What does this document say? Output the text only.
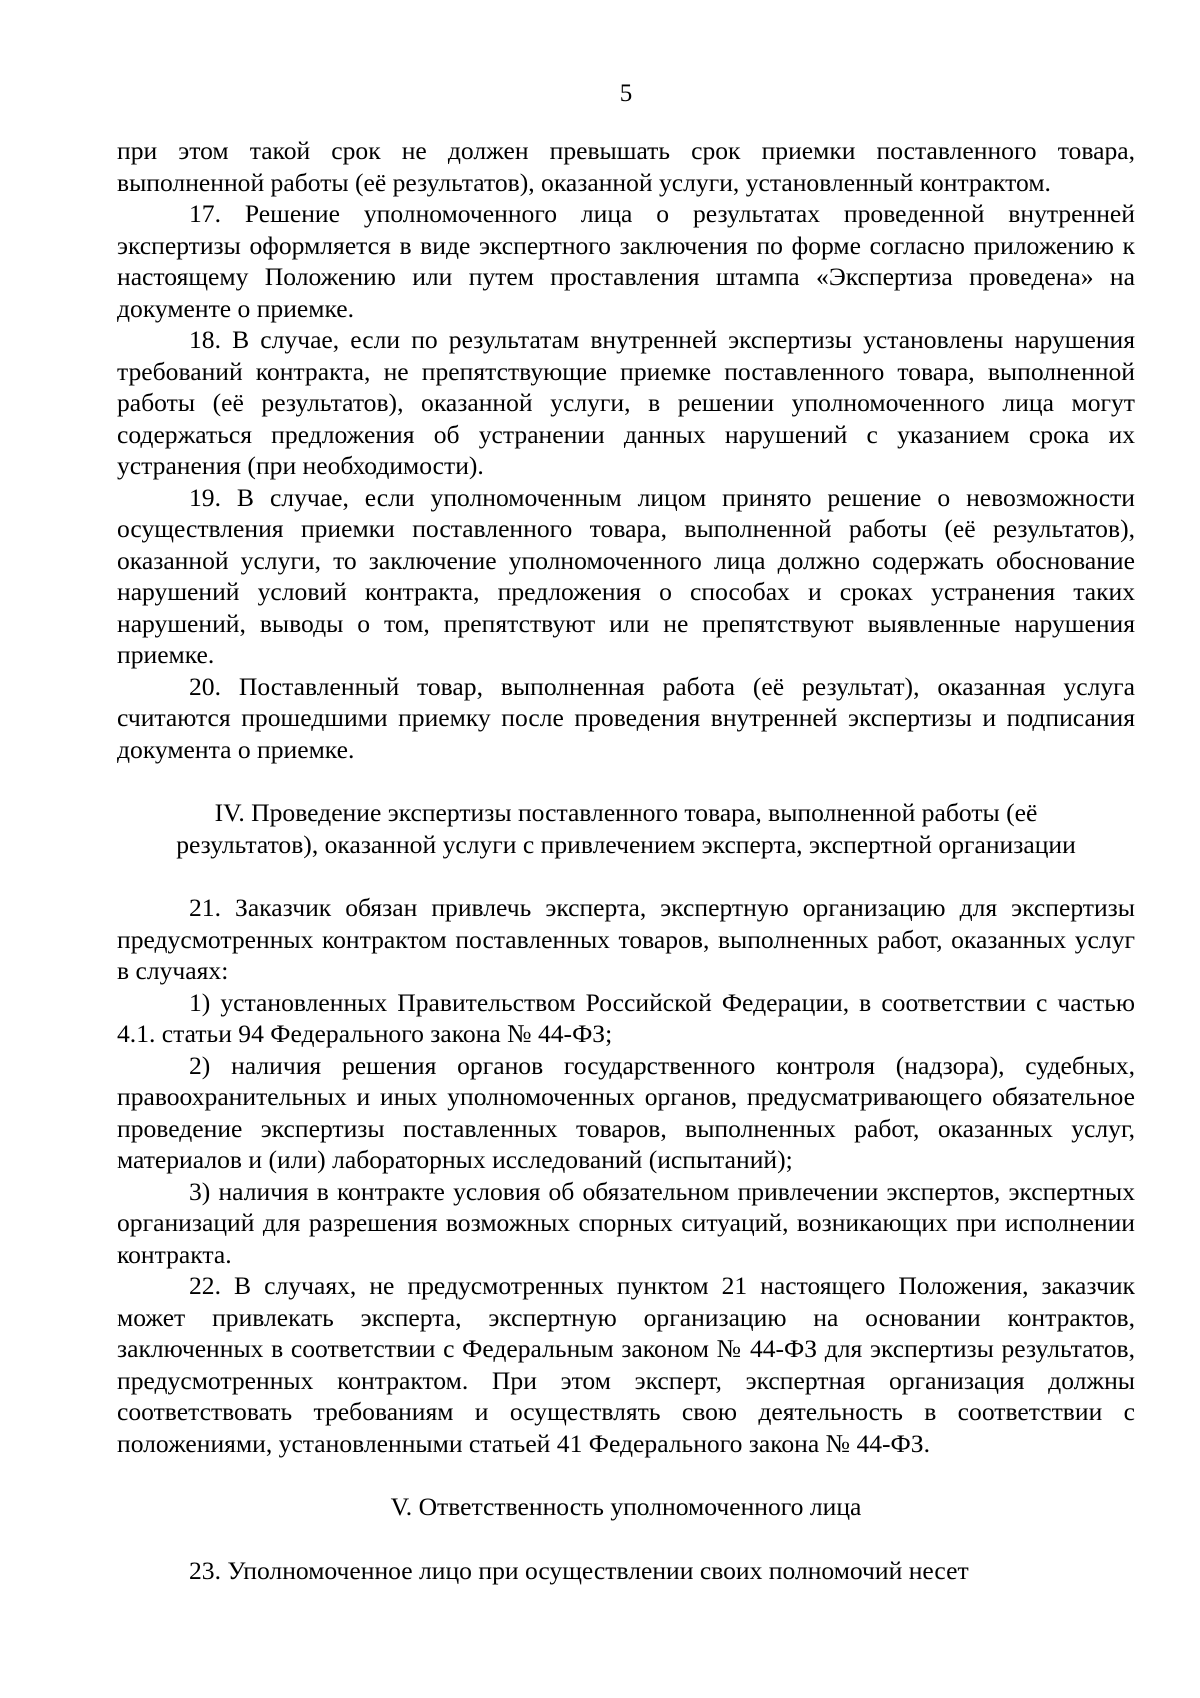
5

при этом такой срок не должен превышать срок приемки поставленного товара, выполненной работы (её результатов), оказанной услуги, установленный контрактом.

17. Решение уполномоченного лица о результатах проведенной внутренней экспертизы оформляется в виде экспертного заключения по форме согласно приложению к настоящему Положению или путем проставления штампа «Экспертиза проведена» на документе о приемке.

18. В случае, если по результатам внутренней экспертизы установлены нарушения требований контракта, не препятствующие приемке поставленного товара, выполненной работы (её результатов), оказанной услуги, в решении уполномоченного лица могут содержаться предложения об устранении данных нарушений с указанием срока их устранения (при необходимости).

19. В случае, если уполномоченным лицом принято решение о невозможности осуществления приемки поставленного товара, выполненной работы (её результатов), оказанной услуги, то заключение уполномоченного лица должно содержать обоснование нарушений условий контракта, предложения о способах и сроках устранения таких нарушений, выводы о том, препятствуют или не препятствуют выявленные нарушения приемке.

20. Поставленный товар, выполненная работа (её результат), оказанная услуга считаются прошедшими приемку после проведения внутренней экспертизы и подписания документа о приемке.

IV. Проведение экспертизы поставленного товара, выполненной работы (её

результатов), оказанной услуги с привлечением эксперта, экспертной организации

21. Заказчик обязан привлечь эксперта, экспертную организацию для экспертизы предусмотренных контрактом поставленных товаров, выполненных работ, оказанных услуг в случаях:

1) установленных Правительством Российской Федерации, в соответствии с частью 4.1. статьи 94 Федерального закона № 44-ФЗ;

2) наличия решения органов государственного контроля (надзора), судебных, правоохранительных и иных уполномоченных органов, предусматривающего обязательное проведение экспертизы поставленных товаров, выполненных работ, оказанных услуг, материалов и (или) лабораторных исследований (испытаний);

3) наличия в контракте условия об обязательном привлечении экспертов, экспертных организаций для разрешения возможных спорных ситуаций, возникающих при исполнении контракта.

22. В случаях, не предусмотренных пунктом 21 настоящего Положения, заказчик может привлекать эксперта, экспертную организацию на основании контрактов, заключенных в соответствии с Федеральным законом № 44-ФЗ для экспертизы результатов, предусмотренных контрактом. При этом эксперт, экспертная организация должны соответствовать требованиям и осуществлять свою деятельность в соответствии с положениями, установленными статьей 41 Федерального закона № 44-ФЗ.

V. Ответственность уполномоченного лица

23. Уполномоченное лицо при осуществлении своих полномочий несет
